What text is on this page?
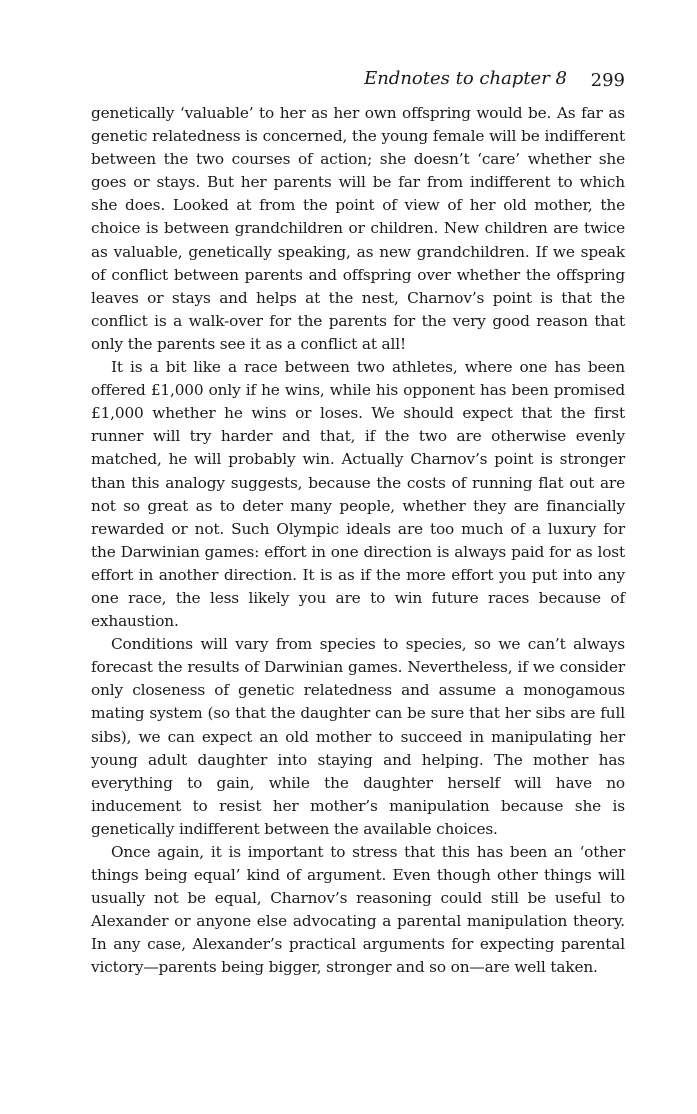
Endnotes to chapter 8 299

genetically ‘valuable’ to her as her own offspring would be. As far as genetic relatedness is concerned, the young female will be indifferent between the two courses of action; she doesn’t ‘care’ whether she goes or stays. But her parents will be far from indifferent to which she does. Looked at from the point of view of her old mother, the choice is between grandchildren or children. New children are twice as valuable, genetically speaking, as new grandchildren. If we speak of conflict between parents and offspring over whether the offspring leaves or stays and helps at the nest, Charnov’s point is that the conflict is a walk-over for the parents for the very good reason that only the parents see it as a conflict at all!

It is a bit like a race between two athletes, where one has been offered £1,000 only if he wins, while his opponent has been promised £1,000 whether he wins or loses. We should expect that the first runner will try harder and that, if the two are otherwise evenly matched, he will probably win. Actually Charnov’s point is stronger than this analogy suggests, because the costs of running flat out are not so great as to deter many people, whether they are financially rewarded or not. Such Olympic ideals are too much of a luxury for the Darwinian games: effort in one direction is always paid for as lost effort in another direction. It is as if the more effort you put into any one race, the less likely you are to win future races because of exhaustion.

Conditions will vary from species to species, so we can’t always forecast the results of Darwinian games. Nevertheless, if we consider only closeness of genetic relatedness and assume a monogamous mating system (so that the daughter can be sure that her sibs are full sibs), we can expect an old mother to succeed in manipulating her young adult daughter into staying and helping. The mother has everything to gain, while the daughter herself will have no inducement to resist her mother’s manipulation because she is genetically indifferent between the available choices.

Once again, it is important to stress that this has been an ‘other things being equal’ kind of argument. Even though other things will usually not be equal, Charnov’s reasoning could still be useful to Alexander or anyone else advocating a parental manipulation theory. In any case, Alexander’s practical arguments for expecting parental victory—parents being bigger, stronger and so on—are well taken.
